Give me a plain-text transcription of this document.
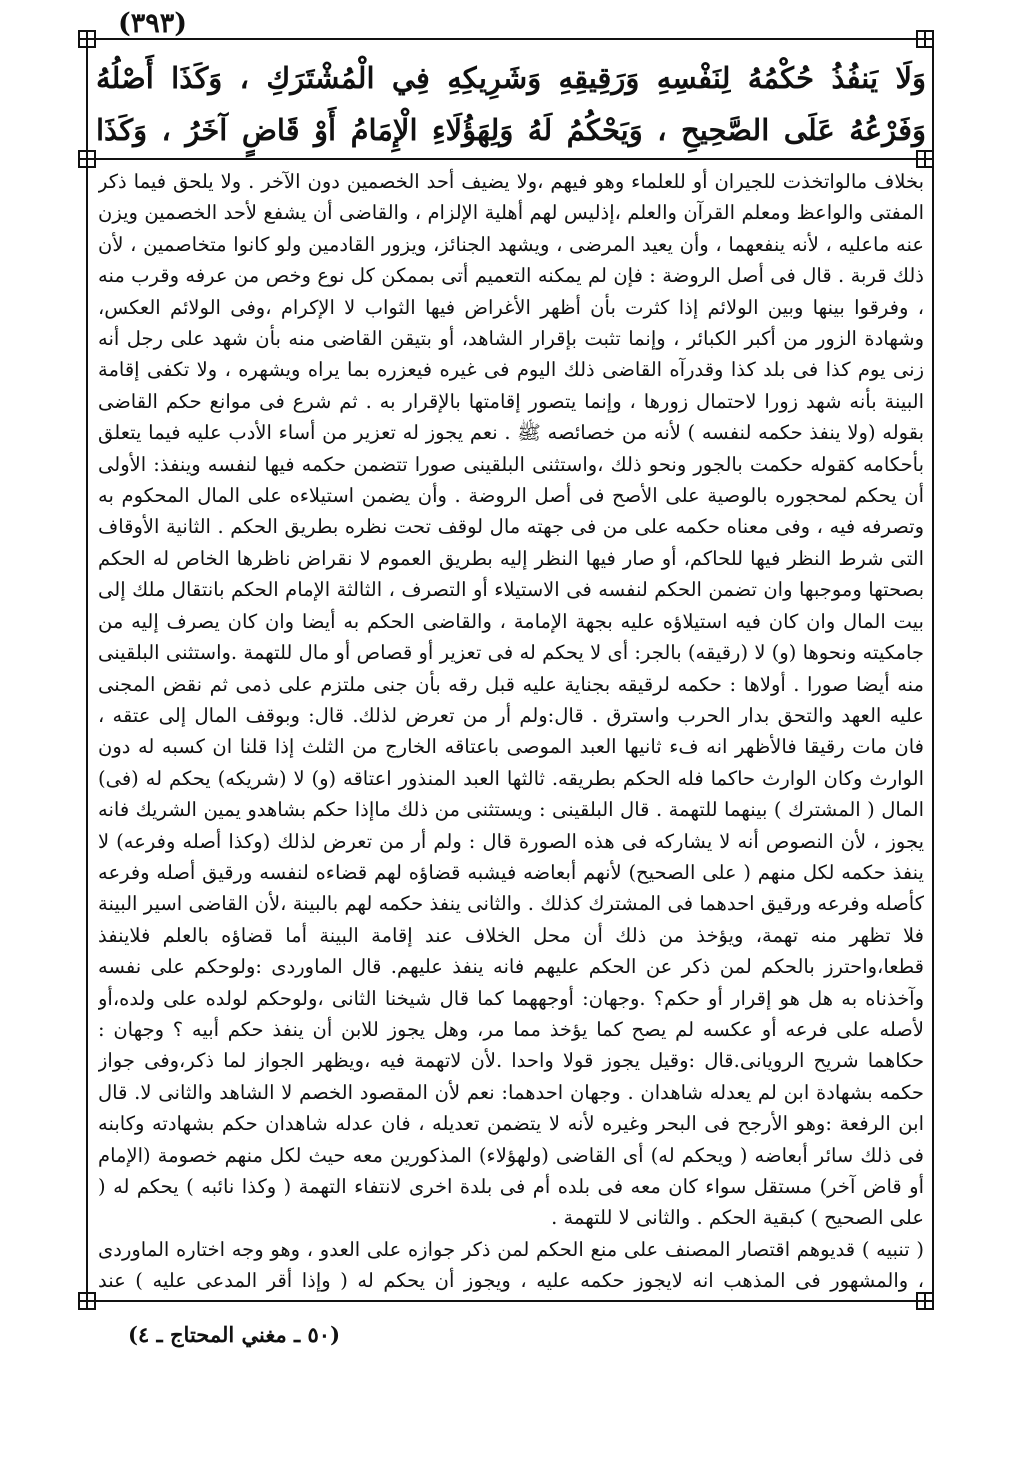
(٣٩٣)
وَلَا يَنفُذُ حُكْمُهُ لِنَفْسِهِ وَرَقِيقِهِ وَشَرِيكِهِ فِي الْمُشْتَرَكِ ، وَكَذَا أَصْلُهُ وَفَرْعُهُ عَلَى الصَّحِيحِ ، وَيَحْكُمُ لَهُ وَلِهَؤُلَاءِ الْإِمَامُ أَوْ قَاضٍ آخَرُ ، وَكَذَا

بخلاف مالواتخذت للجيران أو للعلماء وهو فيهم ،ولا يضيف أحد الخصمين دون الآخر . ولا يلحق فيما ذكر المفتى والواعظ ومعلم القرآن والعلم ،إذليس لهم أهلية الإلزام ، والقاضى أن يشفع لأحد الخصمين ويزن عنه ماعليه ، لأنه ينفعهما ، وأن يعيد المرضى ، ويشهد الجنائز، ويزور القادمين ولو كانوا متخاصمين ، لأن ذلك قربة . قال فى أصل الروضة : فإن لم يمكنه التعميم أتى بممكن كل نوع وخص من عرفه وقرب منه ، وفرقوا بينها وبين الولائم إذا كثرت بأن أظهر الأغراض فيها الثواب لا الإكرام ،وفى الولائم العكس، وشهادة الزور من أكبر الكبائر ، وإنما تثبت بإقرار الشاهد، أو بتيقن القاضى منه بأن شهد على رجل أنه زنى يوم كذا فى بلد كذا وقدرآه القاضى ذلك اليوم فى غيره فيعزره بما يراه ويشهره ، ولا تكفى إقامة البينة بأنه شهد زورا لاحتمال زورها ، وإنما يتصور إقامتها بالإقرار به . ثم شرع فى موانع حكم القاضى بقوله (ولا ينفذ حكمه لنفسه ) لأنه من خصائصه ﷺ . نعم يجوز له تعزير من أساء الأدب عليه فيما يتعلق بأحكامه كقوله حكمت بالجور ونحو ذلك ،واستثنى البلقينى صورا تتضمن حكمه فيها لنفسه وينفذ: الأولى أن يحكم لمحجوره بالوصية على الأصح فى أصل الروضة . وأن يضمن استيلاءه على المال المحكوم به وتصرفه فيه ، وفى معناه حكمه على من فى جهته مال لوقف تحت نظره بطريق الحكم . الثانية الأوقاف التى شرط النظر فيها للحاكم، أو صار فيها النظر إليه بطريق العموم لا نقراض ناظرها الخاص له الحكم بصحتها وموجبها وان تضمن الحكم لنفسه فى الاستيلاء أو التصرف ، الثالثة الإمام الحكم بانتقال ملك إلى بيت المال وان كان فيه استيلاؤه عليه بجهة الإمامة ، والقاضى الحكم به أيضا وان كان يصرف إليه من جامكيته ونحوها (و) لا (رقيقه) بالجر: أى لا يحكم له فى تعزير أو قصاص أو مال للتهمة .واستثنى البلقينى منه أيضا صورا . أولاها : حكمه لرقيقه بجناية عليه قبل رقه بأن جنى ملتزم على ذمى ثم نقض المجنى عليه العهد والتحق بدار الحرب واسترق . قال:ولم أر من تعرض لذلك. قال: وبوقف المال إلى عتقه ، فان مات رقيقا فالأظهر انه فء ثانيها العبد الموصى باعتاقه الخارج من الثلث إذا قلنا ان كسبه له دون الوارث وكان الوارث حاكما فله الحكم بطريقه. ثالثها العبد المنذور اعتاقه (و) لا (شريكه) يحكم له (فى) المال ( المشترك ) بينهما للتهمة . قال البلقينى : ويستثنى من ذلك ماإذا حكم بشاهدو يمين الشريك فانه يجوز ، لأن النصوص أنه لا يشاركه فى هذه الصورة قال : ولم أر من تعرض لذلك (وكذا أصله وفرعه) لا ينفذ حكمه لكل منهم ( على الصحيح) لأنهم أبعاضه فيشبه قضاؤه لهم قضاءه لنفسه ورقيق أصله وفرعه كأصله وفرعه ورقيق احدهما فى المشترك كذلك . والثانى ينفذ حكمه لهم بالبينة ،لأن القاضى اسير البينة فلا تظهر منه تهمة، ويؤخذ من ذلك أن محل الخلاف عند إقامة البينة أما قضاؤه بالعلم فلاينفذ قطعا،واحترز بالحكم لمن ذكر عن الحكم عليهم فانه ينفذ عليهم. قال الماوردى :ولوحكم على نفسه وآخذناه به هل هو إقرار أو حكم؟ .وجهان: أوجههما كما قال شيخنا الثانى ،ولوحكم لولده على ولده،أو لأصله على فرعه أو عكسه لم يصح كما يؤخذ مما مر، وهل يجوز للابن أن ينفذ حكم أبيه ؟ وجهان : حكاهما شريح الرويانى.قال :وقيل يجوز قولا واحدا .لأن لاتهمة فيه ،ويظهر الجواز لما ذكر،وفى جواز حكمه بشهادة ابن لم يعدله شاهدان . وجهان احدهما: نعم لأن المقصود الخصم لا الشاهد والثانى لا. قال ابن الرفعة :وهو الأرجح فى البحر وغيره لأنه لا يتضمن تعديله ، فان عدله شاهدان حكم بشهادته وكابنه فى ذلك سائر أبعاضه ( ويحكم له) أى القاضى (ولهؤلاء) المذكورين معه حيث لكل منهم خصومة (الإمام أو قاض آخر) مستقل سواء كان معه فى بلده أم فى بلدة اخرى لانتفاء التهمة ( وكذا نائبه ) يحكم له ( على الصحيح ) كبقية الحكم . والثانى لا للتهمة .

( تنبيه ) قديوهم اقتصار المصنف على منع الحكم لمن ذكر جوازه على العدو ، وهو وجه اختاره الماوردى ، والمشهور فى المذهب انه لايجوز حكمه عليه ، ويجوز أن يحكم له ( وإذا أقر المدعى عليه ) عند

(٥٠ ـ مغني المحتاج ـ ٤)
